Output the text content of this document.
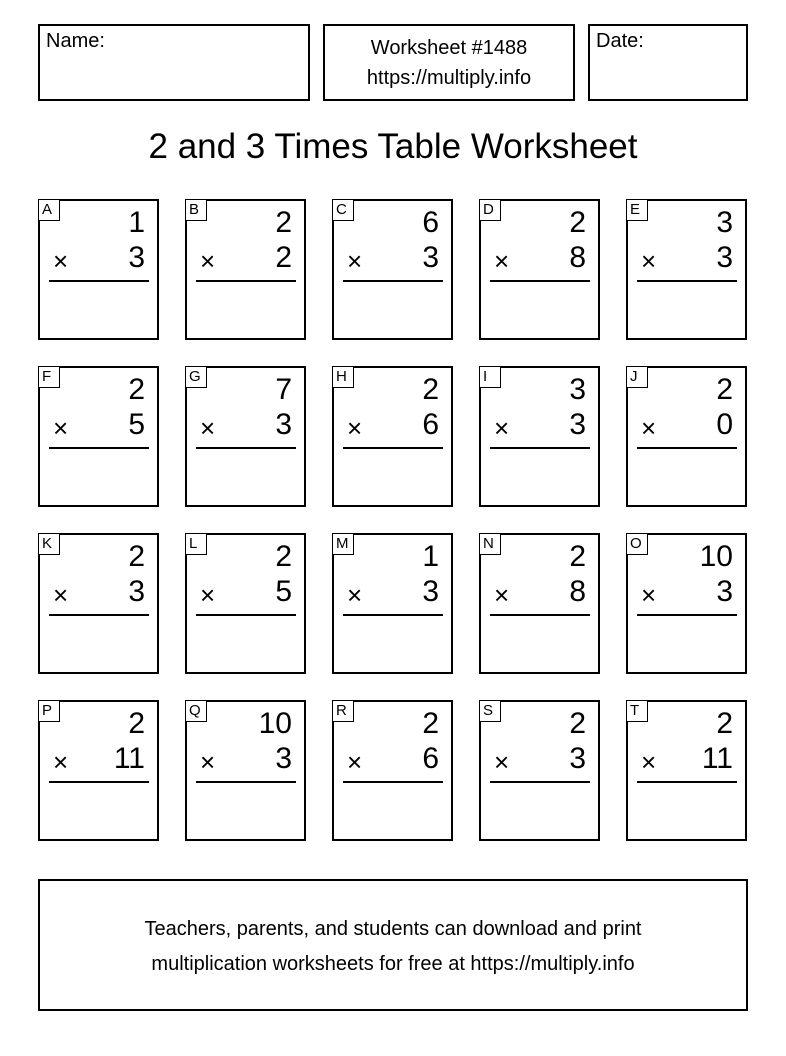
Name:	Worksheet #1488
https://multiply.info
Date:
2 and 3 Times Table Worksheet
A	1
× 3
B	2
× 2
C	6
× 3
D	2
× 8
E	3
× 3
F	2
× 5
G 7
× 3
H	2
× 6
I	3
× 3
J	2
× 0
K	2
× 3
L	2
× 5
M 1
× 3
N	2
× 8
O 10
× 3
P	2
× 11
Q 10
× 3
R	2
× 6
S	2
× 3
T	2
× 11
Teachers, parents, and students can download and print
multiplication worksheets for free at https://multiply.info
